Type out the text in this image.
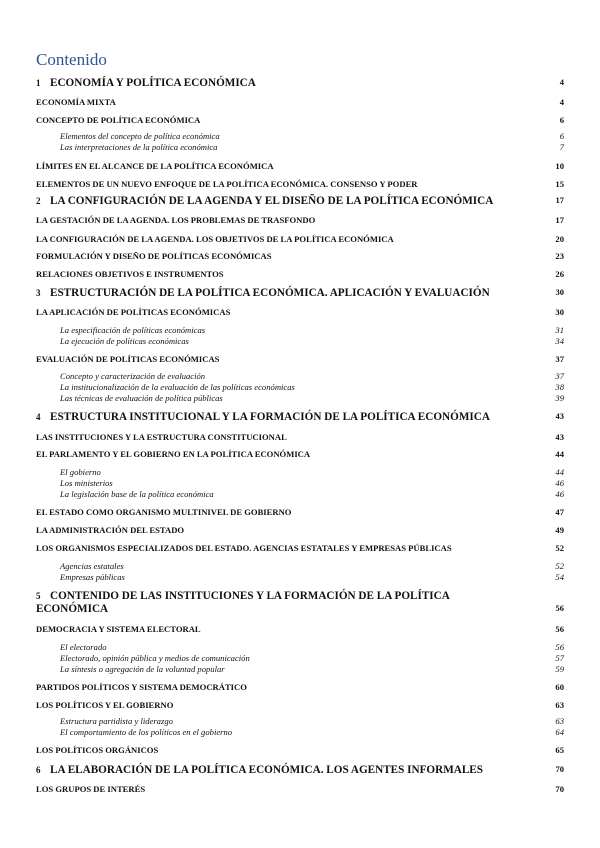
Contenido
1 ECONOMÍA Y POLÍTICA ECONÓMICA	4
ECONOMÍA MIXTA	4
CONCEPTO DE POLÍTICA ECONÓMICA	6
Elementos del concepto de política económica	6
Las interpretaciones de la política económica	7
LÍMITES EN EL ALCANCE DE LA POLÍTICA ECONÓMICA	10
ELEMENTOS DE UN NUEVO ENFOQUE DE LA POLÍTICA ECONÓMICA. CONSENSO Y PODER	15
2 LA CONFIGURACIÓN DE LA AGENDA Y EL DISEÑO DE LA POLÍTICA ECONÓMICA	17
LA GESTACIÓN DE LA AGENDA. LOS PROBLEMAS DE TRASFONDO	17
LA CONFIGURACIÓN DE LA AGENDA. LOS OBJETIVOS DE LA POLÍTICA ECONÓMICA	20
FORMULACIÓN Y DISEÑO DE POLÍTICAS ECONÓMICAS	23
RELACIONES OBJETIVOS E INSTRUMENTOS	26
3 ESTRUCTURACIÓN DE LA POLÍTICA ECONÓMICA. APLICACIÓN Y EVALUACIÓN	30
LA APLICACIÓN DE POLÍTICAS ECONÓMICAS	30
La especificación de políticas económicas	31
La ejecución de políticas económicas	34
EVALUACIÓN DE POLÍTICAS ECONÓMICAS	37
Concepto y caracterización de evaluación	37
La institucionalización de la evaluación de las políticas económicas	38
Las técnicas de evaluación de política públicas	39
4 ESTRUCTURA INSTITUCIONAL Y LA FORMACIÓN DE LA POLÍTICA ECONÓMICA	43
LAS INSTITUCIONES Y LA ESTRUCTURA CONSTITUCIONAL	43
EL PARLAMENTO Y EL GOBIERNO EN LA POLÍTICA ECONÓMICA	44
El gobierno	44
Los ministerios	46
La legislación base de la política económica	46
EL ESTADO COMO ORGANISMO MULTINIVEL DE GOBIERNO	47
LA ADMINISTRACIÓN DEL ESTADO	49
LOS ORGANISMOS ESPECIALIZADOS DEL ESTADO. AGENCIAS ESTATALES Y EMPRESAS PÚBLICAS	52
Agencias estatales	52
Empresas públicas	54
5 CONTENIDO DE LAS INSTITUCIONES Y LA FORMACIÓN DE LA POLÍTICA ECONÓMICA	56
DEMOCRACIA Y SISTEMA ELECTORAL	56
El electorado	56
Electorado, opinión pública y medios de comunicación	57
La síntesis o agregación de la voluntad popular	59
PARTIDOS POLÍTICOS Y SISTEMA DEMOCRÁTICO	60
LOS POLÍTICOS Y EL GOBIERNO	63
Estructura partidista y liderazgo	63
El comportamiento de los políticos en el gobierno	64
LOS POLÍTICOS ORGÁNICOS	65
6 LA ELABORACIÓN DE LA POLÍTICA ECONÓMICA. LOS AGENTES INFORMALES	70
LOS GRUPOS DE INTERÉS	70
